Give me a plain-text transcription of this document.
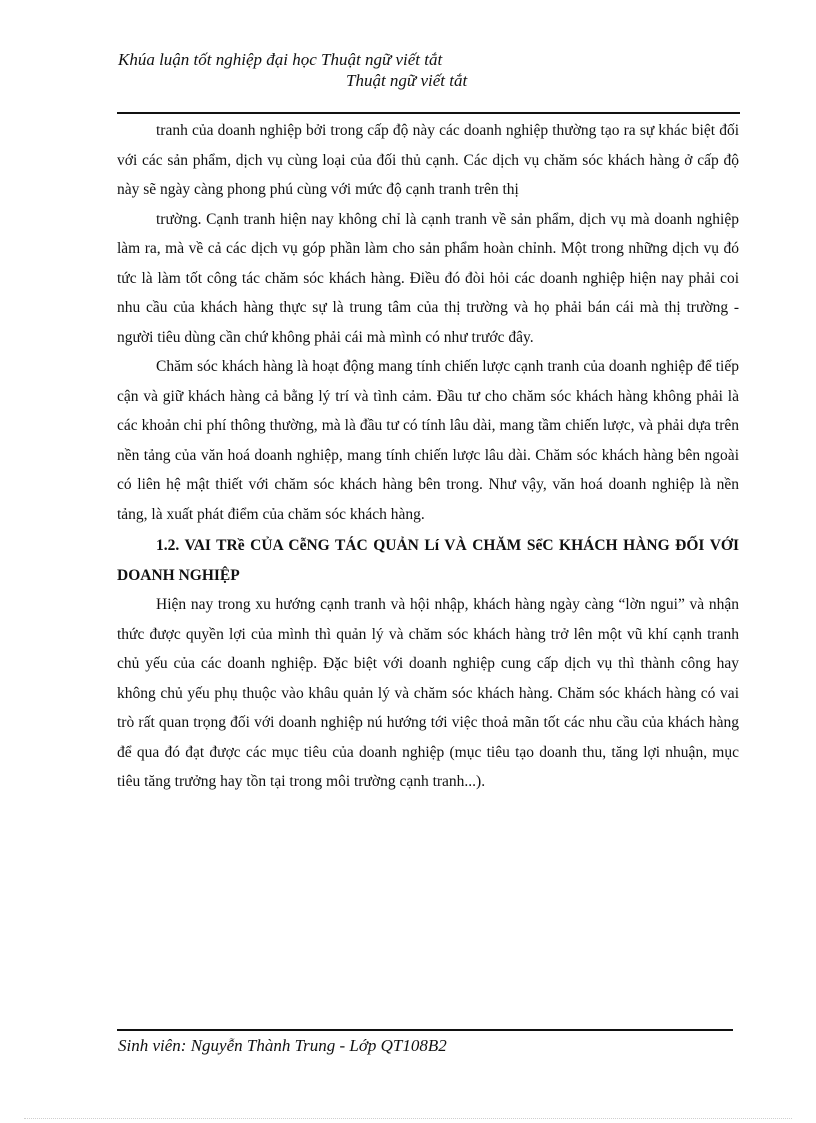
Khúa luận tốt nghiệp đại học Thuật ngữ viết tắt
Thuật ngữ viết tắt

tranh của doanh nghiệp bởi trong cấp độ này các doanh nghiệp thường tạo ra sự khác biệt đối với các sản phẩm, dịch vụ cùng loại của đối thủ cạnh. Các dịch vụ chăm sóc khách hàng ở cấp độ này sẽ ngày càng phong phú cùng với mức độ cạnh tranh trên thị

trường. Cạnh tranh hiện nay không chỉ là cạnh tranh về sản phẩm, dịch vụ mà doanh nghiệp làm ra, mà về cả các dịch vụ góp phần làm cho sản phẩm hoàn chỉnh. Một trong những dịch vụ đó tức là làm tốt công tác chăm sóc khách hàng. Điều đó đòi hỏi các doanh nghiệp hiện nay phải coi nhu cầu của khách hàng thực sự là trung tâm của thị trường và họ phải bán cái mà thị trường - người tiêu dùng cần chứ không phải cái mà mình có như trước đây.

Chăm sóc khách hàng là hoạt động mang tính chiến lược cạnh tranh của doanh nghiệp để tiếp cận và giữ khách hàng cả bằng lý trí và tình cảm. Đầu tư cho chăm sóc khách hàng không phải là các khoản chi phí thông thường, mà là đầu tư có tính lâu dài, mang tầm chiến lược, và phải dựa trên nền tảng của văn hoá doanh nghiệp, mang tính chiến lược lâu dài. Chăm sóc khách hàng bên ngoài có liên hệ mật thiết với chăm sóc khách hàng bên trong. Như vậy, văn hoá doanh nghiệp là nền tảng, là xuất phát điểm của chăm sóc khách hàng.

1.2. VAI TRề CỦA CễNG TÁC QUẢN Lí VÀ CHĂM SểC KHÁCH HÀNG ĐỐI VỚI DOANH NGHIỆP

Hiện nay trong xu hướng cạnh tranh và hội nhập, khách hàng ngày càng “lờn ngui” và nhận thức được quyền lợi của mình thì quản lý và chăm sóc khách hàng trở lên một vũ khí cạnh tranh chủ yếu của các doanh nghiệp. Đặc biệt với doanh nghiệp cung cấp dịch vụ thì thành công hay không chủ yếu phụ thuộc vào khâu quản lý và chăm sóc khách hàng. Chăm sóc khách hàng có vai trò rất quan trọng đối với doanh nghiệp nú hướng tới việc thoả mãn tốt các nhu cầu của khách hàng để qua đó đạt được các mục tiêu của doanh nghiệp (mục tiêu tạo doanh thu, tăng lợi nhuận, mục tiêu tăng trưởng hay tồn tại trong môi trường cạnh tranh...).

Sinh viên: Nguyễn Thành Trung - Lớp QT108B2
